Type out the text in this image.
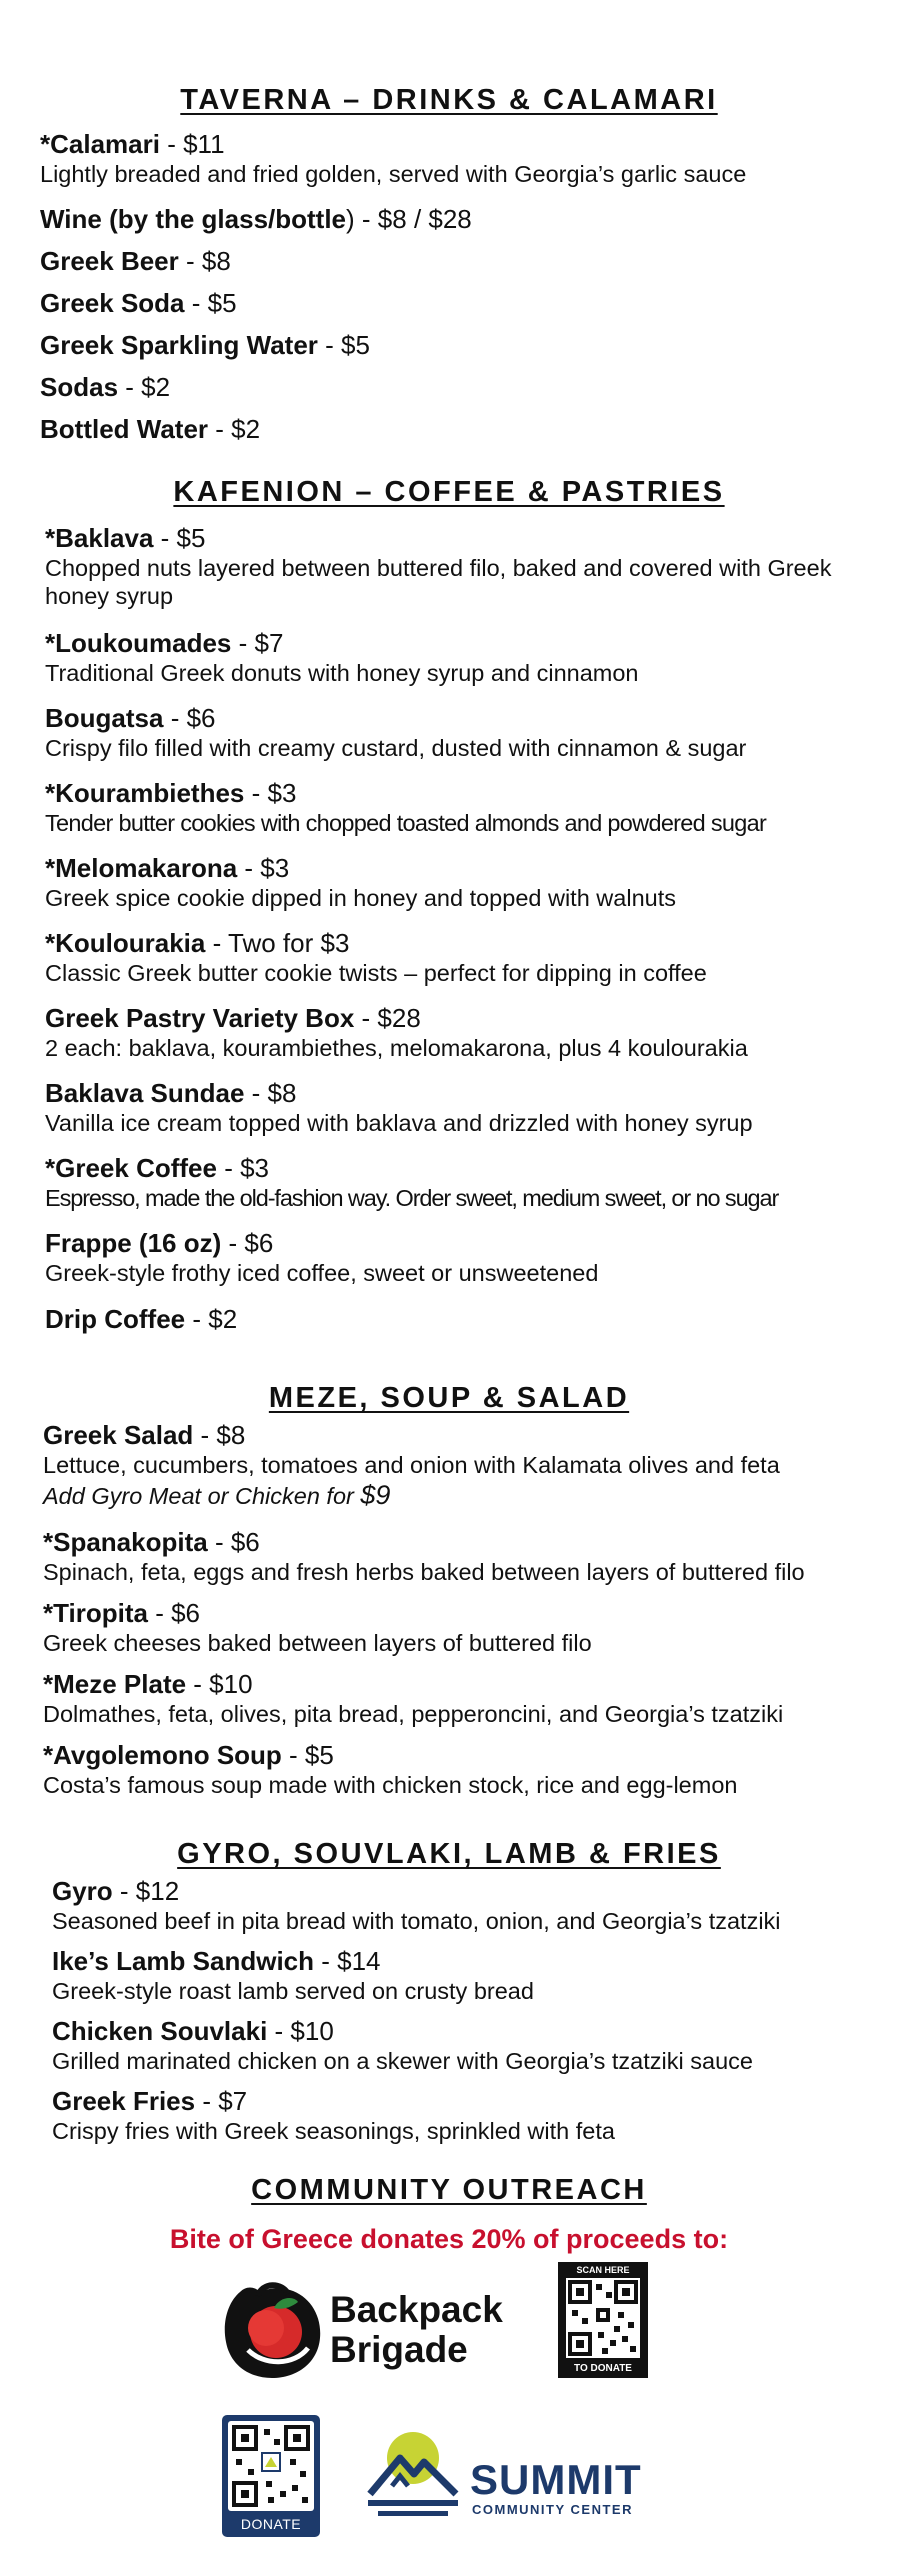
TAVERNA – DRINKS & CALAMARI
*Calamari - $11
Lightly breaded and fried golden, served with Georgia’s garlic sauce
Wine (by the glass/bottle) - $8 / $28
Greek Beer - $8
Greek Soda - $5
Greek Sparkling Water - $5
Sodas - $2
Bottled Water - $2
KAFENION – COFFEE & PASTRIES
*Baklava - $5
Chopped nuts layered between buttered filo, baked and covered with Greek honey syrup
*Loukoumades - $7
Traditional Greek donuts with honey syrup and cinnamon
Bougatsa - $6
Crispy filo filled with creamy custard, dusted with cinnamon & sugar
*Kourambiethes - $3
Tender butter cookies with chopped toasted almonds and powdered sugar
*Melomakarona - $3
Greek spice cookie dipped in honey and topped with walnuts
*Koulourakia - Two for $3
Classic Greek butter cookie twists – perfect for dipping in coffee
Greek Pastry Variety Box - $28
2 each: baklava, kourambiethes, melomakarona, plus 4 koulourakia
Baklava Sundae - $8
Vanilla ice cream topped with baklava and drizzled with honey syrup
*Greek Coffee - $3
Espresso, made the old-fashion way. Order sweet, medium sweet, or no sugar
Frappe (16 oz) - $6
Greek-style frothy iced coffee, sweet or unsweetened
Drip Coffee - $2
MEZE, SOUP & SALAD
Greek Salad - $8
Lettuce, cucumbers, tomatoes and onion with Kalamata olives and feta
Add Gyro Meat or Chicken for $9
*Spanakopita - $6
Spinach, feta, eggs and fresh herbs baked between layers of buttered filo
*Tiropita - $6
Greek cheeses baked between layers of buttered filo
*Meze Plate - $10
Dolmathes, feta, olives, pita bread, pepperoncini, and Georgia’s tzatziki
*Avgolemono Soup - $5
Costa’s famous soup made with chicken stock, rice and egg-lemon
GYRO, SOUVLAKI, LAMB & FRIES
Gyro - $12
Seasoned beef in pita bread with tomato, onion, and Georgia’s tzatziki
Ike’s Lamb Sandwich - $14
Greek-style roast lamb served on crusty bread
Chicken Souvlaki - $10
Grilled marinated chicken on a skewer with Georgia’s tzatziki sauce
Greek Fries - $7
Crispy fries with Greek seasonings, sprinkled with feta
COMMUNITY OUTREACH
Bite of Greece donates 20% of proceeds to:
Backpack
Brigade
SCAN HERE
TO DONATE
DONATE
SUMMIT
COMMUNITY CENTER
